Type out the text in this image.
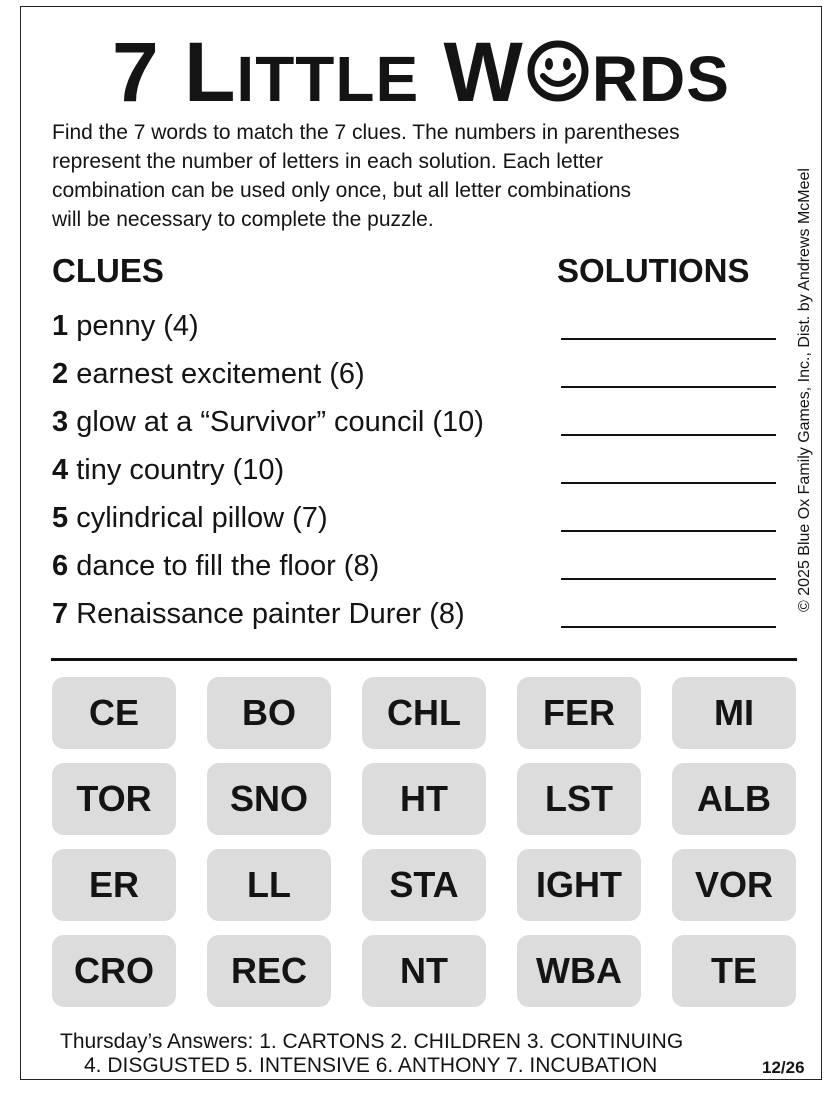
7 LITTLE W RDS
Find the 7 words to match the 7 clues. The numbers in parentheses
represent the number of letters in each solution. Each letter
combination can be used only once, but all letter combinations
will be necessary to complete the puzzle.	© 2025 Blue Ox Family Games, Inc., Dist. by Andrews McMeel
CLUES	SOLUTIONS
1 penny (4)
2 earnest excitement (6)
3 glow at a “Survivor” council (10)
4 tiny country (10)
5 cylindrical pillow (7)
6 dance to fill the floor (8)
7 Renaissance painter Durer (8)
CE	BO	CHL	FER	MI
TOR	SNO	HT	LST	ALB
ER	LL	STA	IGHT	VOR
CRO	REC	NT	WBA	TE
Thursday’s Answers: 1. CARTONS 2. CHILDREN 3. CONTINUING
4. DISGUSTED 5. INTENSIVE 6. ANTHONY 7. INCUBATION	12/26
